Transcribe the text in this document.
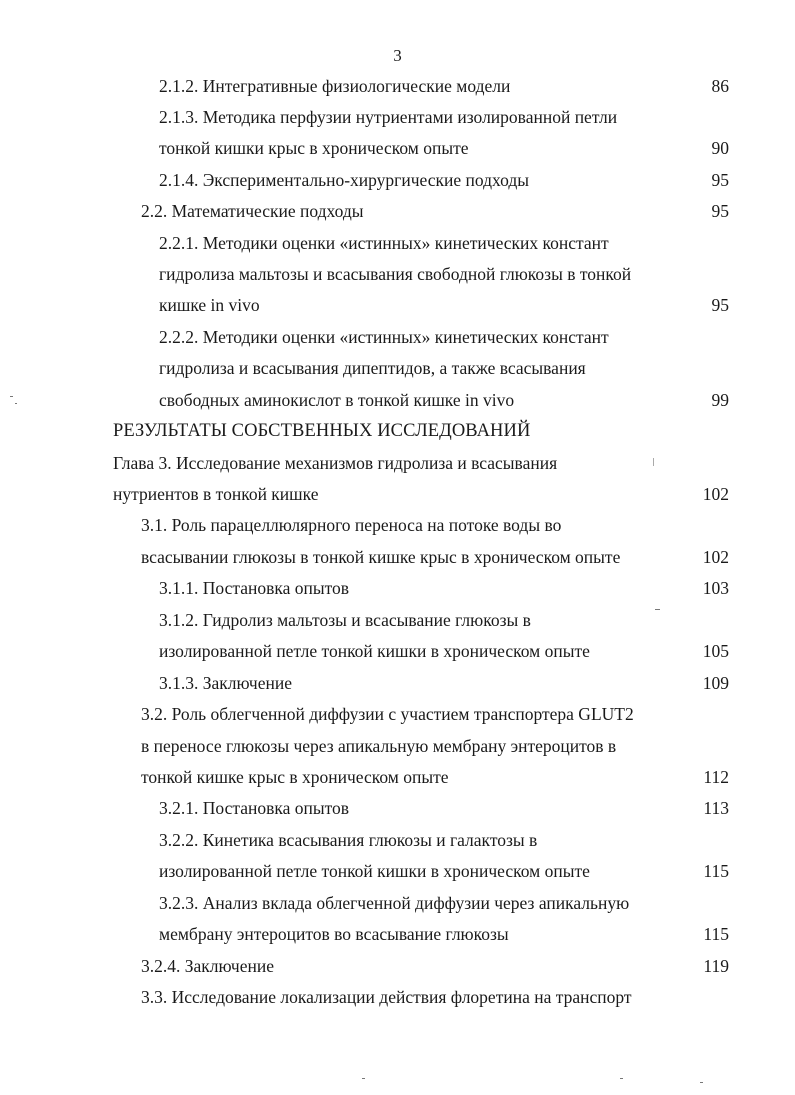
3
2.1.2. Интегративные физиологические модели	86
2.1.3. Методика перфузии нутриентами изолированной петли
тонкой кишки крыс в хроническом опыте	90
2.1.4. Экспериментально-хирургические подходы	95
2.2. Математические подходы	95
2.2.1. Методики оценки «истинных» кинетических констант
гидролиза мальтозы и всасывания свободной глюкозы в тонкой
кишке in vivo	95
2.2.2. Методики оценки «истинных» кинетических констант
гидролиза и всасывания дипептидов, а также всасывания
свободных аминокислот в тонкой кишке in vivo	99
РЕЗУЛЬТАТЫ СОБСТВЕННЫХ ИССЛЕДОВАНИЙ
Глава 3. Исследование механизмов гидролиза и всасывания
нутриентов в тонкой кишке	102
3.1. Роль парацеллюлярного переноса на потоке воды во
всасывании глюкозы в тонкой кишке крыс в хроническом опыте	102
3.1.1. Постановка опытов	103
3.1.2. Гидролиз мальтозы и всасывание глюкозы в
изолированной петле тонкой кишки в хроническом опыте	105
3.1.3. Заключение	109
3.2. Роль облегченной диффузии с участием транспортера GLUT2
в переносе глюкозы через апикальную мембрану энтероцитов в
тонкой кишке крыс в хроническом опыте	112
3.2.1. Постановка опытов	113
3.2.2. Кинетика всасывания глюкозы и галактозы в
изолированной петле тонкой кишки в хроническом опыте	115
3.2.3. Анализ вклада облегченной диффузии через апикальную
мембрану энтероцитов во всасывание глюкозы	115
3.2.4. Заключение	119
3.3. Исследование локализации действия флоретина на транспорт
